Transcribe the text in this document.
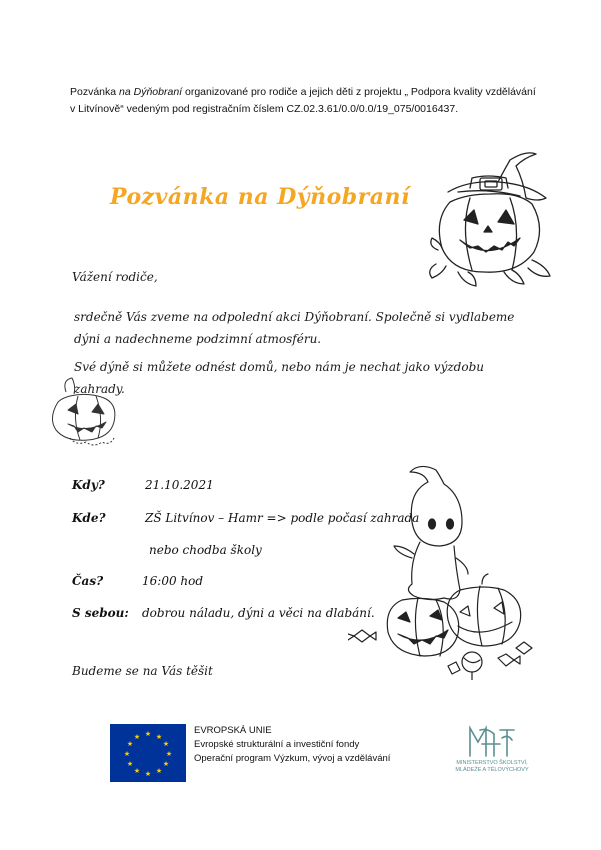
Pozvánka na Dýňobraní organizované pro rodiče a jejich děti z projektu „ Podpora kvality vzdělávání v Litvínově“ vedeným pod registračním číslem CZ.02.3.61/0.0/0.0/19_075/0016437.
Pozvánka na Dýňobraní
Vážení rodiče,
srdečně Vás zveme na odpolední akci Dýňobraní. Společně si vydlabeme dýni a nadechneme podzimní atmosféru.
Své dýně si můžete odnést domů, nebo nám je nechat jako výzdobu zahrady.
Kdy?	21.10.2021
Kde?	ZŠ Litvínov – Hamr => podle počasí zahrada
nebo chodba školy
Čas?	16:00 hod
S sebou: dobrou náladu, dýni a věci na dlabání.
Budeme se na Vás těšit
★ ★
★
★
★
★
★
★
★
★
★
★
EVROPSKÁ UNIE
Evropské strukturální a investiční fondy
Operační program Výzkum, vývoj a vzdělávání	MINISTERSTVO ŠKOLSTVÍ,
MLÁDEŽE A TĚLOVÝCHOVY
